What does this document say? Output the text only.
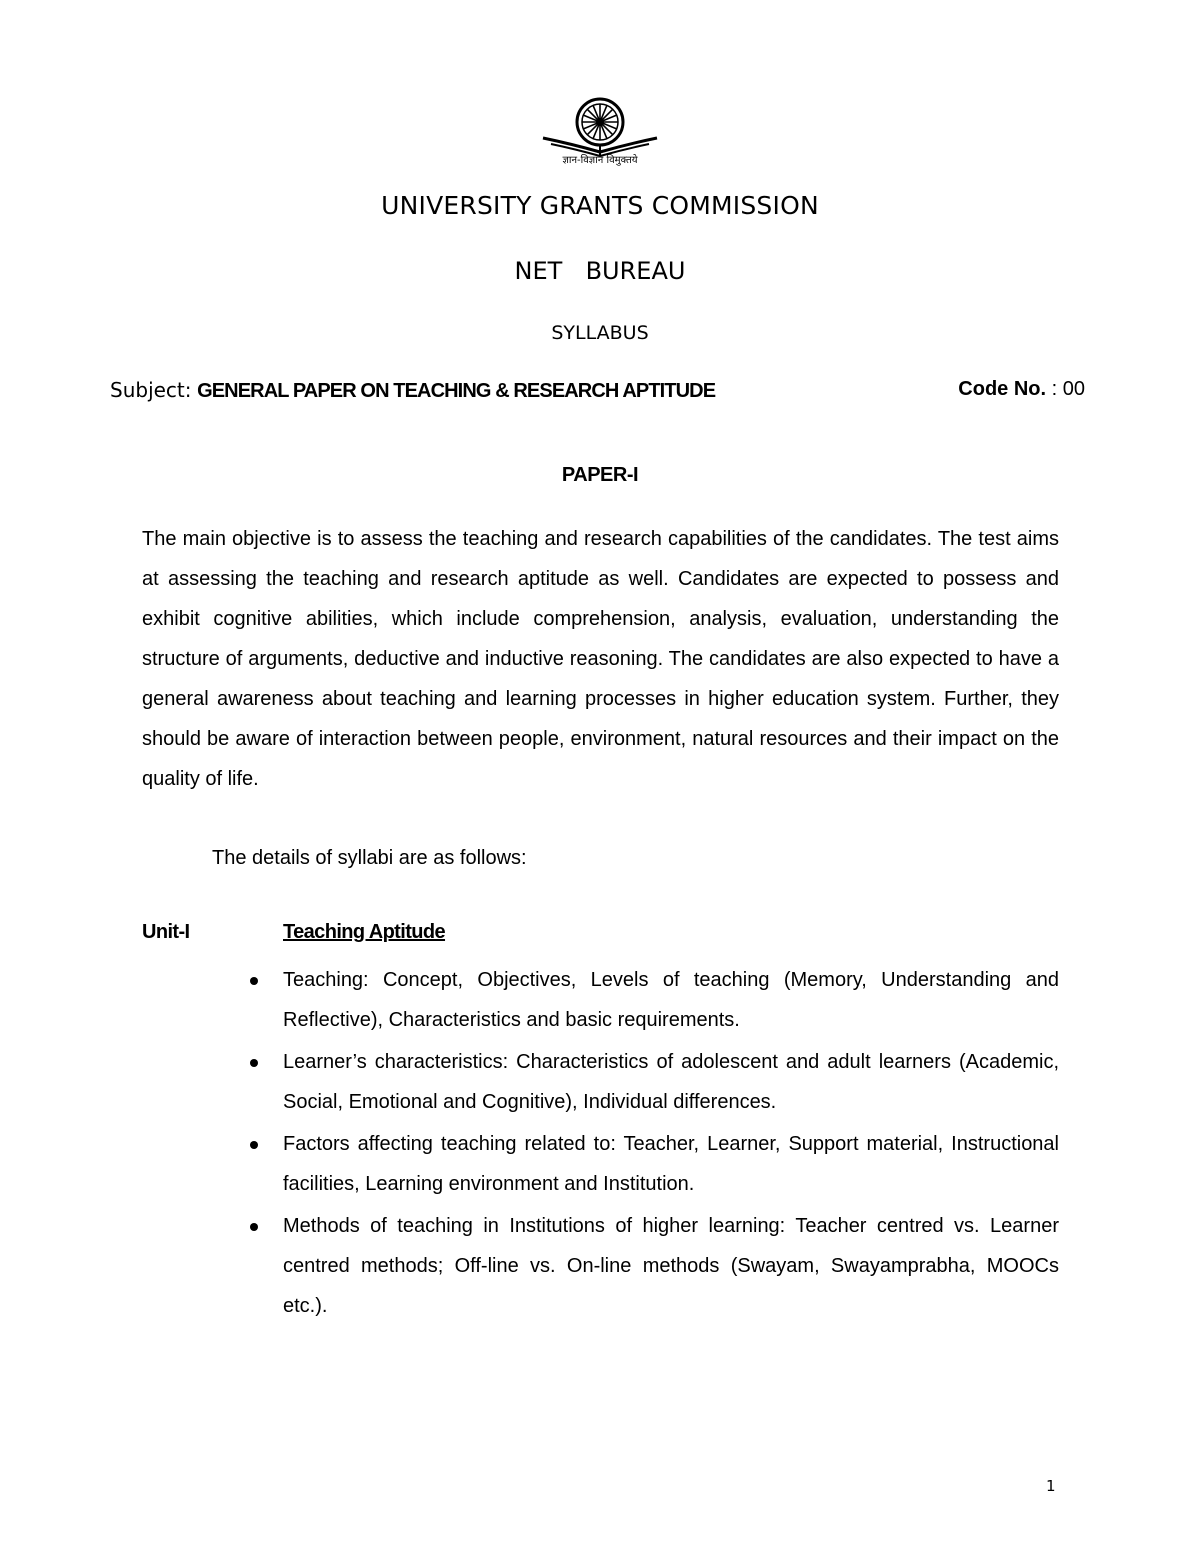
ज्ञान-विज्ञान विमुक्तये
UNIVERSITY GRANTS COMMISSION
NET  BUREAU
SYLLABUS
Subject: GENERAL PAPER ON TEACHING & RESEARCH APTITUDE	Code No. : 00
PAPER-I

The main objective is to assess the teaching and research capabilities of the candidates. The test aims at assessing the teaching and research aptitude as well. Candidates are expected to possess and exhibit cognitive abilities, which include comprehension, analysis, evaluation, understanding the structure of arguments, deductive and inductive reasoning. The candidates are also expected to have a general awareness about teaching and learning processes in higher education system. Further, they should be aware of interaction between people, environment, natural resources and their impact on the quality of life.

The details of syllabi are as follows:
Unit-I	Teaching Aptitude
Teaching: Concept, Objectives, Levels of teaching (Memory, Understanding and Reflective), Characteristics and basic requirements.
Learner’s characteristics: Characteristics of adolescent and adult learners (Academic, Social, Emotional and Cognitive), Individual differences.
Factors affecting teaching related to: Teacher, Learner, Support material, Instructional facilities, Learning environment and Institution.
Methods of teaching in Institutions of higher learning: Teacher centred vs. Learner centred methods; Off-line vs. On-line methods (Swayam, Swayamprabha, MOOCs etc.).
1
